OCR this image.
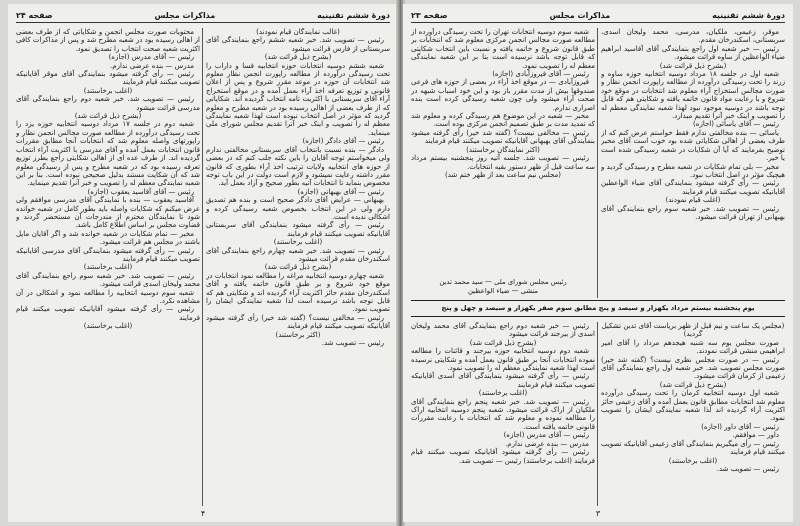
دورهٔ ششم تقنینیه
مذاکرات مجلس
صفحه ۲۴

(غالب نمایندگان قیام نمودند)

رئیس — تصویب شد. خبر شعبه ششم راجع بنمایندگی آقای سربستانی از فارس قرائت میشود

(بشرح ذیل قرائت شد)

شعبه ششم دوسیه انتخابات حوزه انتخابیه فسا و داراب را تحت رسیدگی درآورده از مطالعه راپورت انجمن نظار معلوم شد انتخابات آن حوزه در موعد مقرر شروع و پس از اعلان قانونی و توزیع تعرفه اخذ آراء بعمل آمده و در موقع استخراج آراء آقای سربستانی با اکثریت تامه انتخاب گردیده اند. شکایاتی که از طرف بعضی از اهالی رسیده بود در شعبه مطرح و معلوم گردید که مؤثر در اصل انتخاب نبوده است لهذا شعبه نمایندگی معظم له را تصویب و اینک خبر آنرا تقدیم مجلس شورای ملی مینماید.

رئیس — آقای دادگر (اجازه)

دادگر — بنده نسبت بانتخاب آقای سربستانی مخالفتی ندارم ولی میخواستم توجه آقایان را باین نکته جلب کنم که در بعضی از حوزه های انتخابیه ولایات ترتیب اخذ آراء بطوری که قانون مقرر داشته رعایت نمیشود و لازم است دولت در این باب توجه مخصوص بنماید تا انتخابات آتیه بطور صحیح و آزاد بعمل آید.

رئیس — آقای بهبهانی (اجازه)

بهبهانی — عرایض آقای دادگر صحیح است و بنده هم تصدیق دارم ولی در این انتخاب بخصوص شعبه رسیدگی کرده و اشکالی ندیده است.

رئیس — رأی گرفته میشود بنمایندگی آقای سربستانی آقایانیکه تصویب میکنند قیام فرمایند

(اغلب برخاستند)

رئیس — تصویب شد. خبر شعبه چهارم راجع بنمایندگی آقای اسکندرخان مقدم قرائت میشود

(بشرح ذیل قرائت شد)

شعبه چهارم دوسیه انتخابیه مراغه را مطالعه نمود انتخابات در موقع خود شروع و بر طبق قانون خاتمه یافته و آقای اسکندرخان مقدم حائز اکثریت آراء گردیده اند و شکایتی هم که قابل توجه باشد نرسیده است لذا شعبه نمایندگی ایشان را تصویب نمود.

رئیس — مخالفی نیست؟ (گفته شد خیر) رأی گرفته میشود آقایانیکه تصویب میکنند قیام فرمایند

(اکثر برخاستند)

رئیس — تصویب شد.

محتویات صورت مجلس انجمن و شکایاتی که از طرف بعضی از اهالی رسیده بود در شعبه مطرح شد و پس از مذاکرات کافی اکثریت شعبه صحت انتخاب را تصدیق نمود.

رئیس — آقای مدرس (اجازه)

مدرس — بنده عرضی ندارم.

رئیس — رأی گرفته میشود بنمایندگی آقای موقر آقایانیکه تصویب میکنند قیام فرمایند

(اغلب برخاستند)

رئیس — تصویب شد. خبر شعبه دوم راجع بنمایندگی آقای مدرسی قرائت میشود

(بشرح ذیل قرائت شد)

شعبه دوم در جلسه ۱۷ مرداد دوسیه انتخابیه حوزه یزد را تحت رسیدگی درآورده از مطالعه صورت مجالس انجمن نظار و راپورتهای واصله معلوم شد که انتخابات آنجا مطابق مقررات قانون انتخابات بعمل آمده و آقای مدرسی با اکثریت آراء انتخاب گردیده اند. از طرف عده ای از اهالی شکایتی راجع بطرز توزیع تعرفه رسیده بود که در شعبه مطرح و پس از رسیدگی معلوم شد که آن شکایت مستند بدلیل صحیحی نبوده است. بنا بر این شعبه نمایندگی معظم له را تصویب و خبر آنرا تقدیم مینماید.

رئیس — آقای آقاسید یعقوب (اجازه)

آقاسید یعقوب — بنده با نمایندگی آقای مدرسی موافقم ولی عرض میکنم که شکایات واصله باید بطور کامل در شعبه خوانده شود تا نمایندگان محترم از مندرجات آن مستحضر گردند و قضاوت مجلس بر اساس اطلاع کامل باشد.

مخبر — تمام شکایات در شعبه خوانده شد و اگر آقایان مایل باشند در مجلس هم قرائت میشود.

رئیس — رأی گرفته میشود بنمایندگی آقای مدرسی آقایانیکه تصویب میکنند قیام فرمایند

(اغلب برخاستند)

رئیس — تصویب شد. خبر شعبه سوم راجع بنمایندگی آقای محمد ولیخان اسدی قرائت میشود.

شعبه سوم دوسیه انتخابیه را مطالعه نمود و اشکالی در آن مشاهده نکرد.

رئیس — رأی گرفته میشود آقایانیکه تصویب میکنند قیام فرمایند

(اغلب برخاستند)

۴
دورهٔ ششم تقنینیه
مذاکرات مجلس
صفحه ۲۳

موقر، زعیمی، ملکیان، مدرسی، محمد ولیخان اسدی، سربستانی، اسکندرخان مقدم.

رئیس — خبر شعبه اول راجع بنمایندگی آقای آقاسید ابراهیم ضیاء الواعظین از ساوه قرائت میشود.

(بشرح ذیل قرائت شد)

شعبه اول در جلسه ۱۸ مرداد دوسیه انتخابیه حوزه ساوه و زرند را تحت رسیدگی درآورده از مطالعه راپورت انجمن نظار و صورت مجالس استخراج آراء معلوم شد انتخابات در موقع خود شروع و با رعایت مواد قانون خاتمه یافته و شکایتی هم که قابل توجه باشد در دوسیه موجود نبود لهذا شعبه نمایندگی معظم له را تصویب و اینک خبر آنرا تقدیم میدارد.

رئیس — آقای یاسائی (اجازه)

یاسائی — بنده مخالفتی ندارم فقط خواستم عرض کنم که از طرف بعضی از اهالی شکایاتی شده بود خوب است آقای مخبر توضیح بفرمایند که آیا آن شکایات در شعبه رسیدگی شده است یا خیر.

مخبر — بلی تمام شکایات در شعبه مطرح و رسیدگی گردید و هیچیک مؤثر در اصل انتخاب نبود.

رئیس — رأی گرفته میشود بنمایندگی آقای ضیاء الواعظین آقایانیکه تصویب میکنند قیام فرمایند

(اغلب قیام نمودند)

رئیس — تصویب شد. خبر شعبه سوم راجع بنمایندگی آقای بهبهانی از تهران قرائت میشود.

شعبه سوم دوسیه انتخابات تهران را تحت رسیدگی درآورده از مطالعه صورت مجالس انجمن مرکزی معلوم شد که انتخابات بر طبق قانون شروع و خاتمه یافته و نسبت باین انتخاب شکایتی که قابل توجه باشد نرسیده است بنا بر این شعبه نمایندگی معظم له را تصویب نمود.

رئیس — آقای فیروزآبادی (اجازه)

فیروزآبادی — در موقع اخذ آراء در بعضی از حوزه های فرعی صندوقها بیش از مدت مقرر باز بود و این خود اسباب شبهه در صحت آراء میشود ولی چون شعبه رسیدگی کرده است بنده اصراری ندارم.

مخبر — شعبه در این موضوع هم رسیدگی کرده و معلوم شد که تمدید مدت بر طبق تصمیم انجمن مرکزی بوده است.

رئیس — مخالفی نیست؟ (گفته شد خیر) رأی گرفته میشود بنمایندگی آقای بهبهانی آقایانیکه تصویب میکنند قیام فرمایند

(اکثر نمایندگان برخاستند)

رئیس — تصویب شد. جلسه آتیه روز پنجشنبه بیستم مرداد سه ساعت قبل از ظهر دستور بقیه انتخابات.

(مجلس نیم ساعت بعد از ظهر ختم شد)

رئیس مجلس شورای ملی — سید محمد تدین
منشی — ضیاء الواعظین
یوم پنجشنبه بیستم مرداد یکهزار و سیصد و پنج مطابق سوم صفر یکهزار و سیصد و چهل و پنج

(مجلس یک ساعت و نیم قبل از ظهر بریاست آقای تدین تشکیل گردید)

صورت مجلس یوم سه شنبه هیجدهم مرداد را آقای امیر ابراهیمی منشی قرائت نمودند.

رئیس — در صورت مجلس نظری نیست؟ (گفته شد خیر) صورت مجلس تصویب شد. خبر شعبه اول راجع بنمایندگی آقای زعیمی از کرمان قرائت میشود.

(بشرح ذیل قرائت شد)

شعبه اول دوسیه انتخابیه کرمان را تحت رسیدگی درآورده معلوم شد انتخابات مطابق قانون بعمل آمده و آقای زعیمی حائز اکثریت آراء گردیده اند لذا شعبه نمایندگی ایشان را تصویب نمود.

رئیس — آقای داور (اجازه)

داور — موافقم.

رئیس — رأی میگیریم بنمایندگی آقای زعیمی آقایانیکه تصویب میکنند قیام فرمایند

(اغلب برخاستند)

رئیس — تصویب شد.

رئیس — خبر شعبه دوم راجع بنمایندگی آقای محمد ولیخان اسدی از بیرجند قرائت میشود

(بشرح ذیل قرائت شد)

شعبه دوم دوسیه انتخابیه حوزه بیرجند و قائنات را مطالعه نموده انتخابات آنجا بر طبق قانون بعمل آمده و شکایتی نرسیده است لهذا شعبه نمایندگی معظم له را تصویب نمود.

رئیس — رأی گرفته میشود بنمایندگی آقای اسدی آقایانیکه تصویب میکنند قیام فرمایند

(اغلب برخاستند)

رئیس — تصویب شد. خبر شعبه پنجم راجع بنمایندگی آقای ملکیان از اراک قرائت میشود. شعبه پنجم دوسیه انتخابیه اراک را مطالعه نموده و معلوم شد که انتخابات با رعایت مقررات قانونی خاتمه یافته است.

رئیس — آقای مدرس (اجازه)

مدرس — بنده عرضی ندارم.

رئیس — رأی گرفته میشود آقایانیکه تصویب میکنند قیام فرمایند (اغلب برخاستند) رئیس — تصویب شد.

۳
